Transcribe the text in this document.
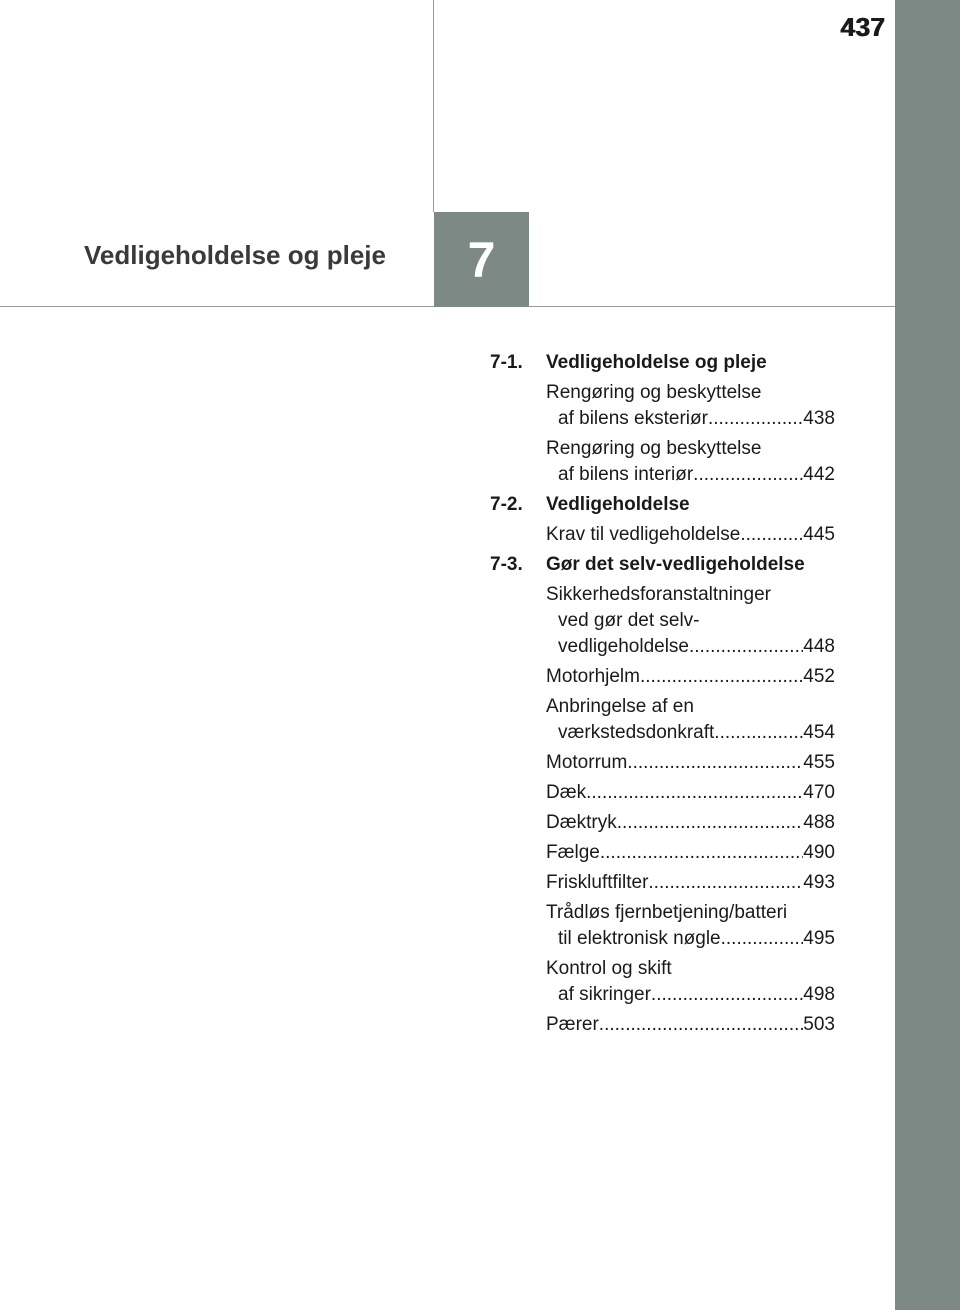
437
7
Vedligeholdelse og pleje
7-1.	Vedligeholdelse og pleje
Rengøring og beskyttelse
af bilens eksteriør .....	438
Rengøring og beskyttelse
af bilens interiør .....	442
7-2.	Vedligeholdelse
Krav til vedligeholdelse .....	445
7-3.	Gør det selv-vedligeholdelse
Sikkerhedsforanstaltninger
ved gør det selv-
vedligeholdelse .....	448
Motorhjelm .....	452
Anbringelse af en
værkstedsdonkraft .....	454
Motorrum .....	455
Dæk .....	470
Dæktryk .....	488
Fælge .....	490
Friskluftfilter .....	493
Trådløs fjernbetjening/batteri
til elektronisk nøgle .....	495
Kontrol og skift
af sikringer .....	498
Pærer .....	503
